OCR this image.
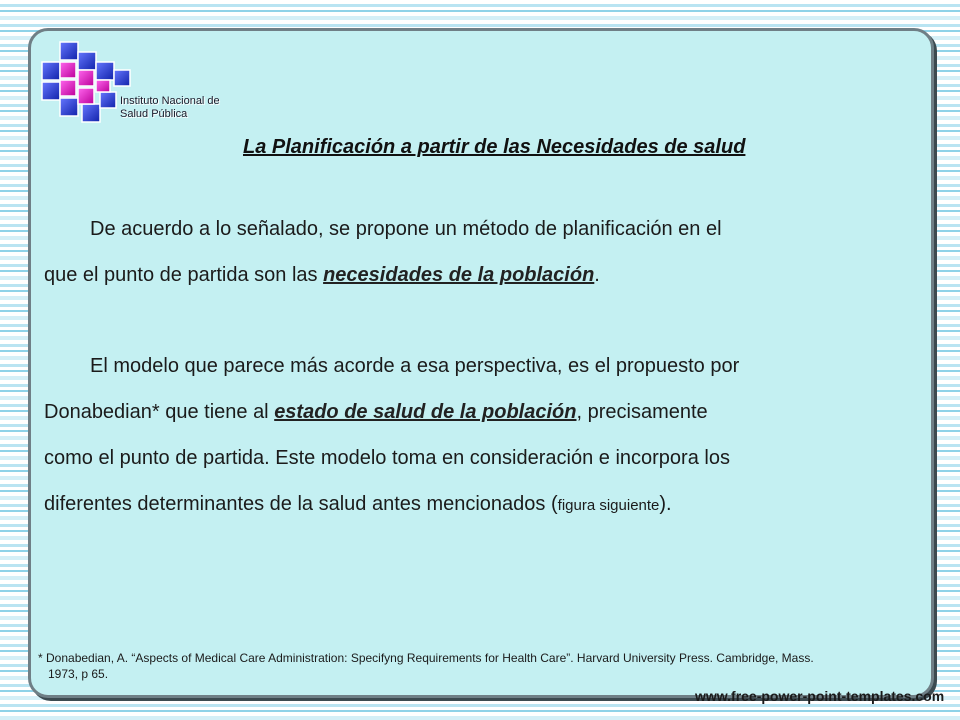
Instituto Nacional de
Salud Pública
La Planificación a partir de las Necesidades de salud
De acuerdo a lo señalado, se propone un método de planificación en el
que el punto de partida son las necesidades de la población.
El modelo que parece más acorde a esa perspectiva, es el propuesto por
Donabedian* que tiene al estado de salud de la población, precisamente
como el punto de partida. Este modelo toma en consideración e incorpora los
diferentes determinantes de la salud antes mencionados (figura siguiente).
* Donabedian, A. “Aspects of Medical Care Administration: Specifyng Requirements for Health Care”. Harvard University Press. Cambridge, Mass.
1973, p 65.
www.free-power-point-templates.com
